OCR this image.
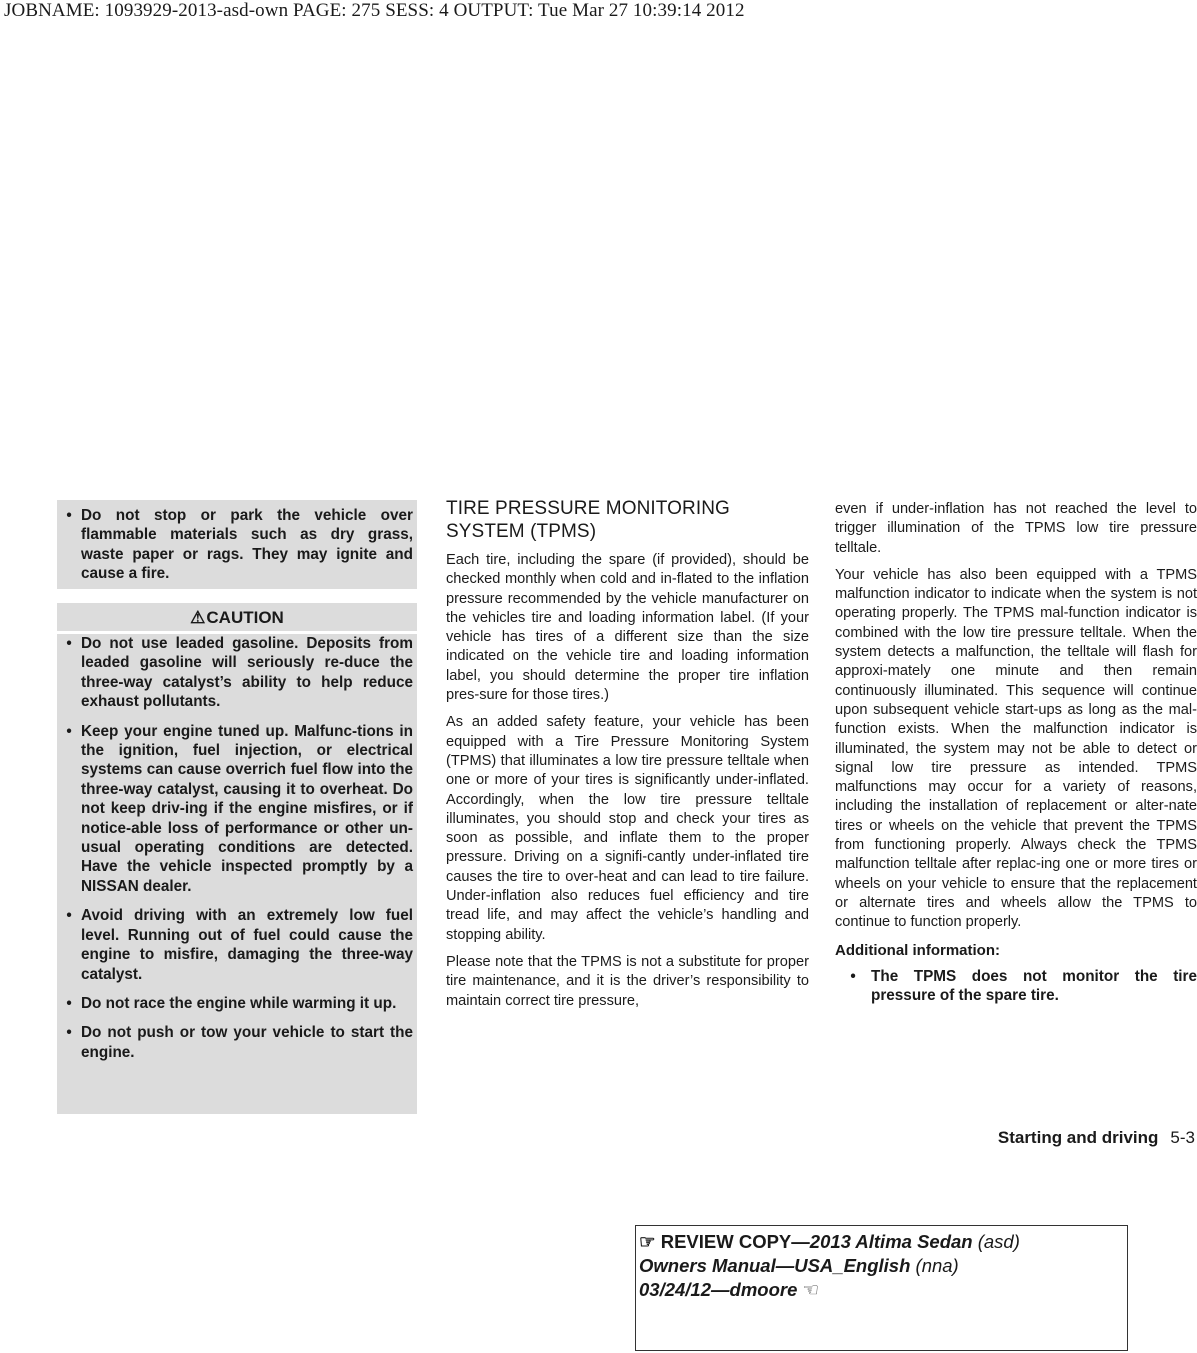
JOBNAME: 1093929-2013-asd-own PAGE: 275 SESS: 4 OUTPUT: Tue Mar 27 10:39:14 2012
• Do not stop or park the vehicle over flammable materials such as dry grass, waste paper or rags. They may ignite and cause a fire.
⚠CAUTION
• Do not use leaded gasoline. Deposits from leaded gasoline will seriously re-duce the three-way catalyst’s ability to help reduce exhaust pollutants.
• Keep your engine tuned up. Malfunc-tions in the ignition, fuel injection, or electrical systems can cause overrich fuel flow into the three-way catalyst, causing it to overheat. Do not keep driv-ing if the engine misfires, or if notice-able loss of performance or other un-usual operating conditions are detected. Have the vehicle inspected promptly by a NISSAN dealer.
• Avoid driving with an extremely low fuel level. Running out of fuel could cause the engine to misfire, damaging the three-way catalyst.
• Do not race the engine while warming it up.
• Do not push or tow your vehicle to start the engine.
TIRE PRESSURE MONITORING
SYSTEM (TPMS)

Each tire, including the spare (if provided), should be checked monthly when cold and in-flated to the inflation pressure recommended by the vehicle manufacturer on the vehicles tire and loading information label. (If your vehicle has tires of a different size than the size indicated on the vehicle tire and loading information label, you should determine the proper tire inflation pres-sure for those tires.)

As an added safety feature, your vehicle has been equipped with a Tire Pressure Monitoring System (TPMS) that illuminates a low tire pressure telltale when one or more of your tires is significantly under-inflated. Accordingly, when the low tire pressure telltale illuminates, you should stop and check your tires as soon as possible, and inflate them to the proper pressure. Driving on a signifi-cantly under-inflated tire causes the tire to over-heat and can lead to tire failure. Under-inflation also reduces fuel efficiency and tire tread life, and may affect the vehicle’s handling and stopping ability.

Please note that the TPMS is not a substitute for proper tire maintenance, and it is the driver’s responsibility to maintain correct tire pressure,

even if under-inflation has not reached the level to trigger illumination of the TPMS low tire pressure telltale.

Your vehicle has also been equipped with a TPMS malfunction indicator to indicate when the system is not operating properly. The TPMS mal-function indicator is combined with the low tire pressure telltale. When the system detects a malfunction, the telltale will flash for approxi-mately one minute and then remain continuously illuminated. This sequence will continue upon subsequent vehicle start-ups as long as the mal-function exists. When the malfunction indicator is illuminated, the system may not be able to detect or signal low tire pressure as intended. TPMS malfunctions may occur for a variety of reasons, including the installation of replacement or alter-nate tires or wheels on the vehicle that prevent the TPMS from functioning properly. Always check the TPMS malfunction telltale after replac-ing one or more tires or wheels on your vehicle to ensure that the replacement or alternate tires and wheels allow the TPMS to continue to function properly.

Additional information:
•	The TPMS does not monitor the tire pressure of the spare tire.
Starting and driving 5-3
☞ REVIEW COPY—2013 Altima Sedan (asd)
Owners Manual—USA_English (nna)
03/24/12—dmoore ☜
